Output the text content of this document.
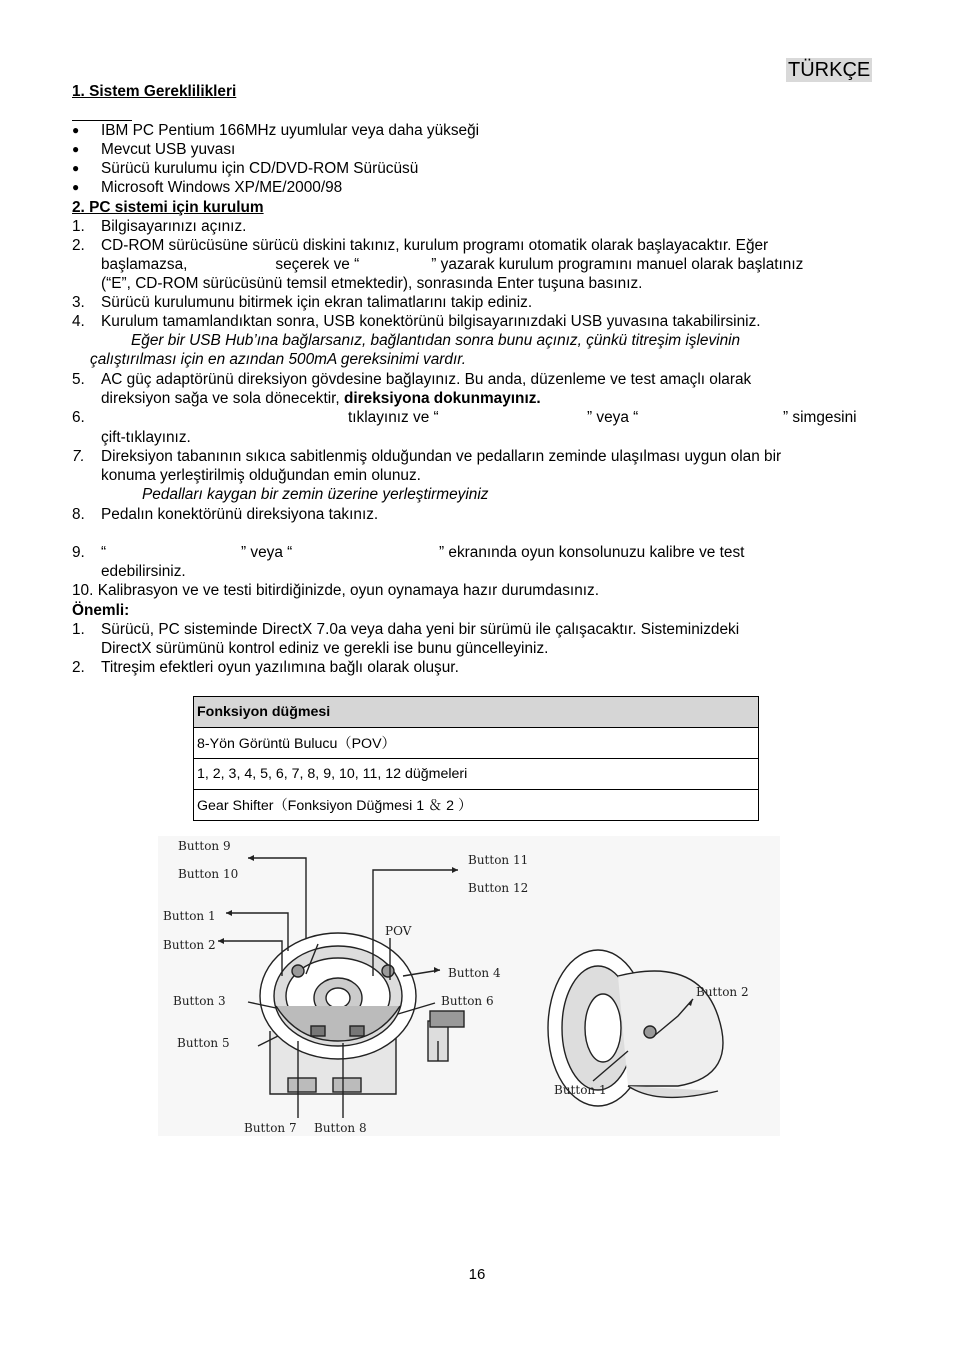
TÜRKÇE
1. Sistem Gereklilikleri
● IBM PC Pentium 166MHz uyumlular veya daha yükseği
● Mevcut USB yuvası
● Sürücü kurulumu için CD/DVD-ROM Sürücüsü
● Microsoft Windows XP/ME/2000/98
2. PC sistemi için kurulum
1. Bilgisayarınızı açınız.
2. CD-ROM sürücüsüne sürücü diskini takınız, kurulum programı otomatik olarak başlayacaktır. Eğer
başlamazsa,	seçerek ve “	” yazarak kurulum programını manuel olarak başlatınız
(“E”, CD-ROM sürücüsünü temsil etmektedir), sonrasında Enter tuşuna basınız.
3. Sürücü kurulumunu bitirmek için ekran talimatlarını takip ediniz.
4. Kurulum tamamlandıktan sonra, USB konektörünü bilgisayarınızdaki USB yuvasına takabilirsiniz.
Eğer bir USB Hub’ına bağlarsanız, bağlantıdan sonra bunu açınız, çünkü titreşim işlevinin
çalıştırılması için en azından 500mA gereksinimi vardır.
5. AC güç adaptörünü direksiyon gövdesine bağlayınız. Bu anda, düzenleme ve test amaçlı olarak
direksiyon sağa ve sola dönecektir, direksiyona dokunmayınız.
6.	tıklayınız ve “	” veya “	” simgesini
çift-tıklayınız.
7. Direksiyon tabanının sıkıca sabitlenmiş olduğundan ve pedalların zeminde ulaşılması uygun olan bir
konuma yerleştirilmiş olduğundan emin olunuz.
Pedalları kaygan bir zemin üzerine yerleştirmeyiniz
8. Pedalın konektörünü direksiyona takınız.
9. “	” veya “	” ekranında oyun konsolunuzu kalibre ve test
edebilirsiniz.
10. Kalibrasyon ve ve testi bitirdiğinizde, oyun oynamaya hazır durumdasınız.
Önemli:
1. Sürücü, PC sisteminde DirectX 7.0a veya daha yeni bir sürümü ile çalışacaktır. Sisteminizdeki
DirectX sürümünü kontrol ediniz ve gerekli ise bunu güncelleyiniz.
2. Titreşim efektleri oyun yazılımına bağlı olarak oluşur.
Fonksiyon düğmesi
8-Yön Görüntü Bulucu（POV）
1, 2, 3, 4, 5, 6, 7, 8, 9, 10, 11, 12 düğmeleri
Gear Shifter（Fonksiyon Düğmesi 1 ＆ 2 ）
Button 9
Button 10
Button 11
Button 12
Button 1
Button 2
POV
Button 4
Button 3	Button 6
Button 5
Button 7 Button 8
Button 2
Button 1
16
